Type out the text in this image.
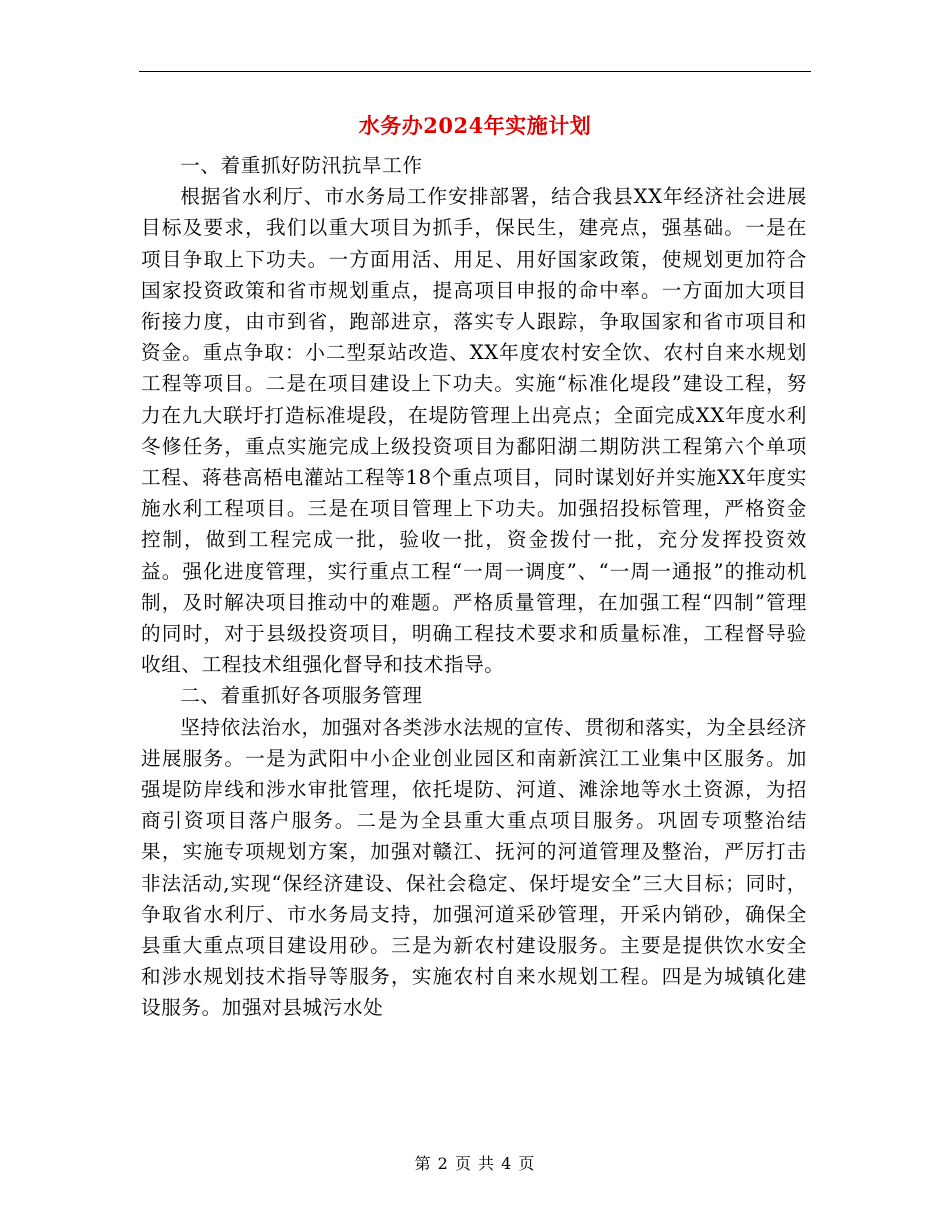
水务办2024年实施计划

一、着重抓好防汛抗旱工作

根据省水利厅、市水务局工作安排部署，结合我县XX年经济社会进展目标及要求，我们以重大项目为抓手，保民生，建亮点，强基础。一是在项目争取上下功夫。一方面用活、用足、用好国家政策，使规划更加符合国家投资政策和省市规划重点，提高项目申报的命中率。一方面加大项目衔接力度，由市到省，跑部进京，落实专人跟踪，争取国家和省市项目和资金。重点争取：小二型泵站改造、XX年度农村安全饮、农村自来水规划工程等项目。二是在项目建设上下功夫。实施“标准化堤段”建设工程，努力在九大联圩打造标准堤段，在堤防管理上出亮点；全面完成XX年度水利冬修任务，重点实施完成上级投资项目为鄱阳湖二期防洪工程第六个单项工程、蒋巷高梧电灌站工程等18个重点项目，同时谋划好并实施XX年度实施水利工程项目。三是在项目管理上下功夫。加强招投标管理，严格资金控制，做到工程完成一批，验收一批，资金拨付一批，充分发挥投资效益。强化进度管理，实行重点工程“一周一调度”、“一周一通报”的推动机制，及时解决项目推动中的难题。严格质量管理，在加强工程“四制”管理的同时，对于县级投资项目，明确工程技术要求和质量标准，工程督导验收组、工程技术组强化督导和技术指导。

二、着重抓好各项服务管理

坚持依法治水，加强对各类涉水法规的宣传、贯彻和落实，为全县经济进展服务。一是为武阳中小企业创业园区和南新滨江工业集中区服务。加强堤防岸线和涉水审批管理，依托堤防、河道、滩涂地等水土资源，为招商引资项目落户服务。二是为全县重大重点项目服务。巩固专项整治结果，实施专项规划方案，加强对赣江、抚河的河道管理及整治，严厉打击非法活动,实现“保经济建设、保社会稳定、保圩堤安全”三大目标；同时，争取省水利厅、市水务局支持，加强河道采砂管理，开采内销砂，确保全县重大重点项目建设用砂。三是为新农村建设服务。主要是提供饮水安全和涉水规划技术指导等服务，实施农村自来水规划工程。四是为城镇化建设服务。加强对县城污水处

第 2 页 共 4 页
